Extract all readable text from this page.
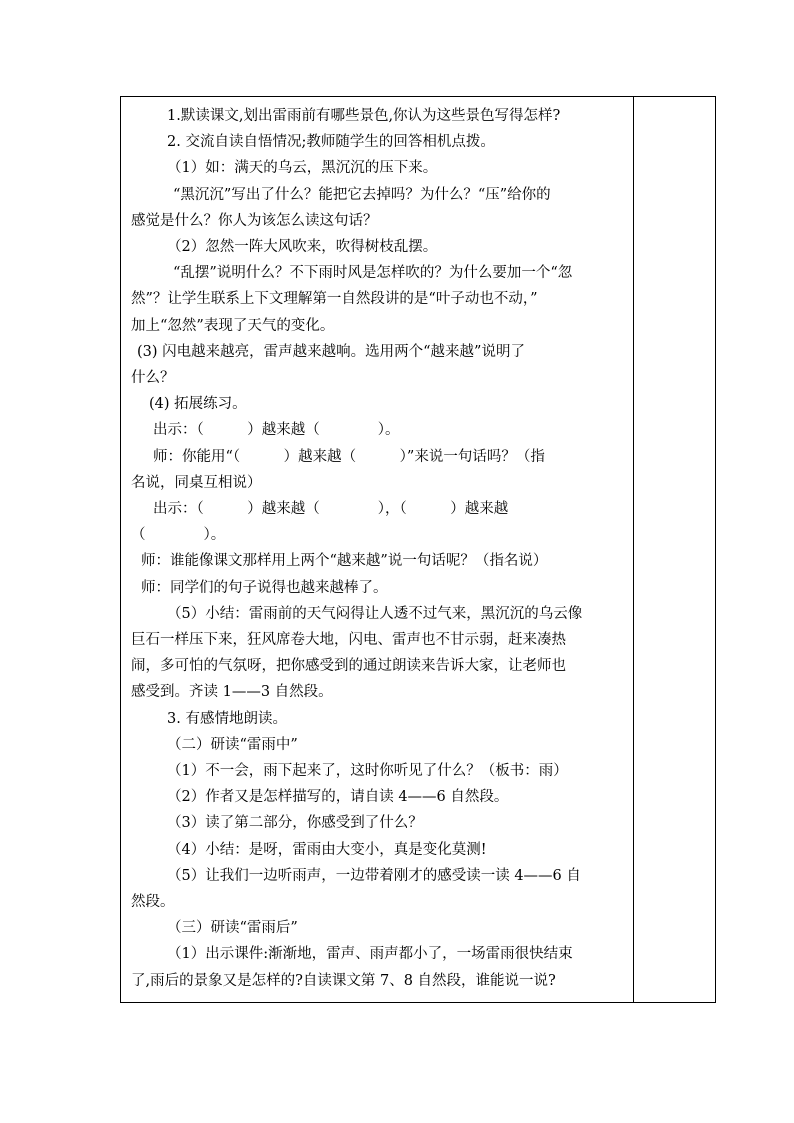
1.默读课文,划出雷雨前有哪些景色,你认为这些景色写得怎样?
2. 交流自读自悟情况;教师随学生的回答相机点拨。
（1）如：满天的乌云，黑沉沉的压下来。
“黑沉沉”写出了什么？能把它去掉吗？为什么？“压”给你的
感觉是什么？你人为该怎么读这句话？
（2）忽然一阵大风吹来，吹得树枝乱摆。
“乱摆”说明什么？不下雨时风是怎样吹的？为什么要加一个“忽
然”？让学生联系上下文理解第一自然段讲的是“叶子动也不动，”
加上“忽然”表现了天气的变化。
(3) 闪电越来越亮，雷声越来越响。选用两个“越来越”说明了
什么？
(4) 拓展练习。
出示：（　　　）越来越（　　　　）。
师：你能用“（　　　）越来越（　　　）”来说一句话吗？（指
名说，同桌互相说）
出示：（　　　）越来越（　　　　），（　　　）越来越
（　　　　）。
师：谁能像课文那样用上两个“越来越”说一句话呢？（指名说）
师：同学们的句子说得也越来越棒了。
（5）小结：雷雨前的天气闷得让人透不过气来，黑沉沉的乌云像
巨石一样压下来，狂风席卷大地，闪电、雷声也不甘示弱，赶来凑热
闹，多可怕的气氛呀，把你感受到的通过朗读来告诉大家，让老师也
感受到。齐读 1——3 自然段。
3. 有感情地朗读。
（二）研读“雷雨中”
（1）不一会，雨下起来了，这时你听见了什么？（板书：雨）
（2）作者又是怎样描写的，请自读 4——6 自然段。
（3）读了第二部分，你感受到了什么？
（4）小结：是呀，雷雨由大变小，真是变化莫测!
（5）让我们一边听雨声，一边带着刚才的感受读一读 4——6 自
然段。
（三）研读“雷雨后”
（1）出示课件:渐渐地，雷声、雨声都小了，一场雷雨很快结束
了,雨后的景象又是怎样的?自读课文第 7、8 自然段，谁能说一说?
